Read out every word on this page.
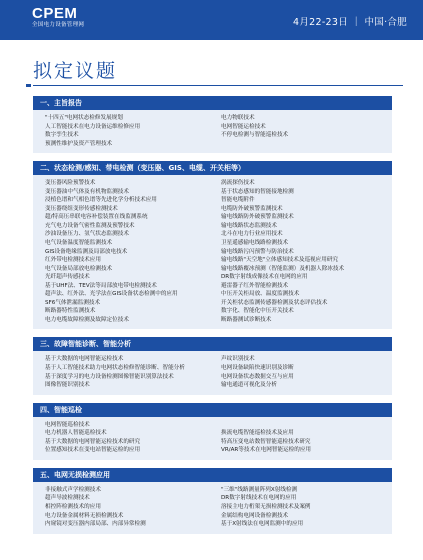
CPEM
全国电力设备管理网	4月22-23日 ｜ 中国·合肥
拟定议题
一、主旨报告
"十四五"电网状态检修发展规划
人工智能技术在电力设备运维检修应用
数字孪生技术
预测性维护及资产管理技术
电力物联技术
电网智能运检技术
不停电检测与智能巡检技术
二、状态检测/感知、带电检测（变压器、GIS、电缆、开关柜等）
变压器风险预警技术
变压器油中气体及有机物监测技术
浸植色谱和气相色谱等先进化学分析技术应用
变压器绕组变形传感检测技术
超/特高压串联电容补偿装置在线监测系统
充气电力设备气密性监测及预警技术
沙油设备压力、氢气状态监测技术
电气设备温度智能监测技术
GIS设备绝缘监测及局部放电技术
红外带电检测技术应用
电气设备局部放电检测技术
光纤超声传感技术
基于UHF法、TEV法等局部放电带电检测技术
超声法、红外法、光学法在GIS设备状态检测中的应用
SF6气体泄漏监测技术
断路器特性监测技术
电力电缆故障检测及故障定位技术
涡流探伤技术
基于状态感知的智能接地检测
智能电缆附件
电缆防外破预警监测技术
输电线路防外破预警监测技术
输电线路状态监测技术
北斗在电力行业应用技术
卫星遥感输电线路检测技术
输电线路污闪预警与防治技术
输电线路"天空地"立体感知技术及巡视应用研究
输电线路覆冰预测（智能监测）及机器人除冰技术
DR数字射线成像技术在电网的应用
避雷器子红外智能检测技术
中压开关柜局放、温度监测技术
开关柜状态监测传感器检测及状态评估技术
数字化、智能化中压开关技术
断路器测试诊断技术
三、故障智能诊断、智能分析
基于大数据的电网智能运检技术
基于人工智能技术助力电网状态检修智能诊断、智能分析
基于深度学习的电力设备检测图像智能识别算法技术
图像智能识别技术
声纹识别技术
电网设备缺陷快速识别及诊断
电网设备状态数据交互与应用
输电通道可视化及分析
四、智能巡检
电网智能巡检技术
电力机器人智能巡检技术
基于大数据的电网智能运检技术的研究
位置感知技术在变电站智能运检的应用

换流电缆智能巡检技术及应用
特高压变电站数智智能巡检技术研究
VR/AR等技术在电网智能运检的应用
五、电网无损检测应用
非接触式声学检测技术
超声导波检测技术
相控阵检测技术的应用
电力设备金属材料无损检测技术
内窥镜对变压器内部局部、内部异常检测
"三维"线路测量阵列X射线检测
DR数字射线技术在电网的应用
溶接主电力桁架无损检测技术及案例
金属结构电网设备检测技术
基于X射线法在电网监测中的应用
